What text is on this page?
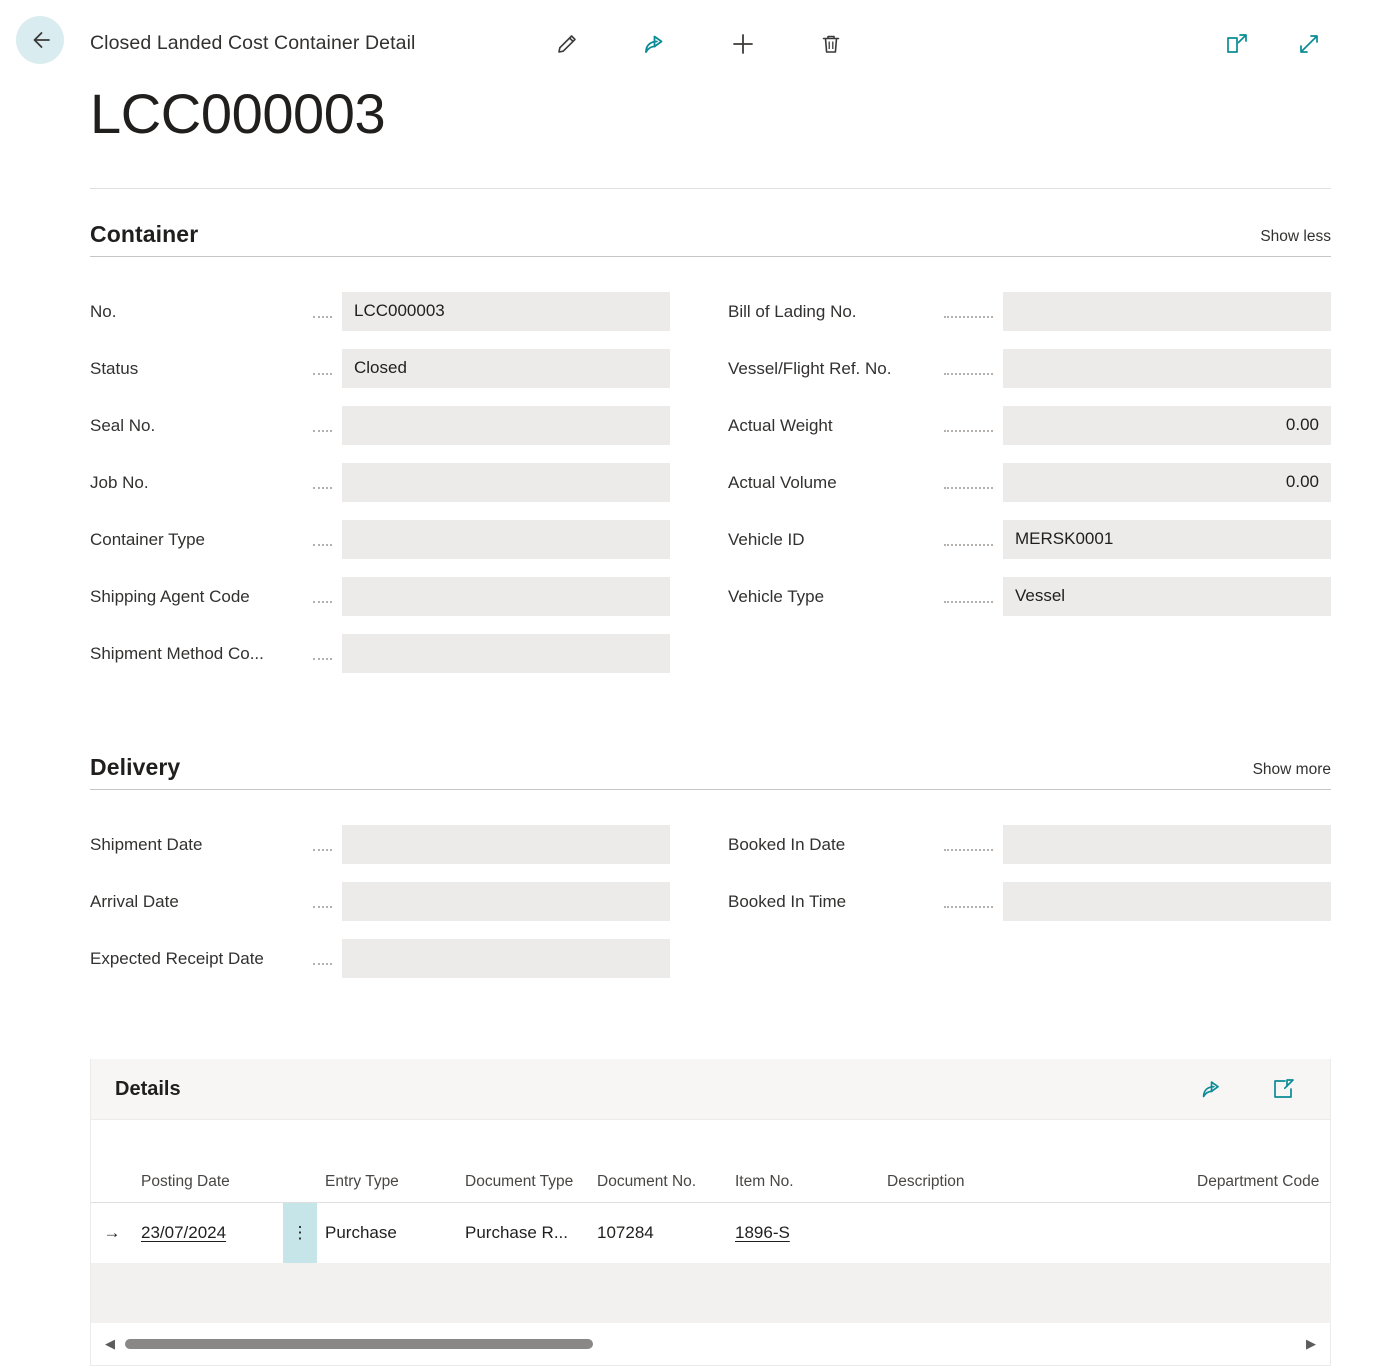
Closed Landed Cost Container Detail
LCC000003
Container	Show less
No.	LCC000003
Status	Closed
Seal No.
Job No.
Container Type
Shipping Agent Code
Shipment Method Co...
Bill of Lading No.
Vessel/Flight Ref. No.
Actual Weight	0.00
Actual Volume	0.00
Vehicle ID	MERSK0001
Vehicle Type	Vessel
Delivery	Show more
Shipment Date
Arrival Date
Expected Receipt Date
Booked In Date
Booked In Time
Details
	Posting Date		Entry Type	Document Type	Document No.	Item No.	Description	Department Code
→	23/07/2024	⋮	Purchase	Purchase R...	107284	1896-S		

◀	▶
